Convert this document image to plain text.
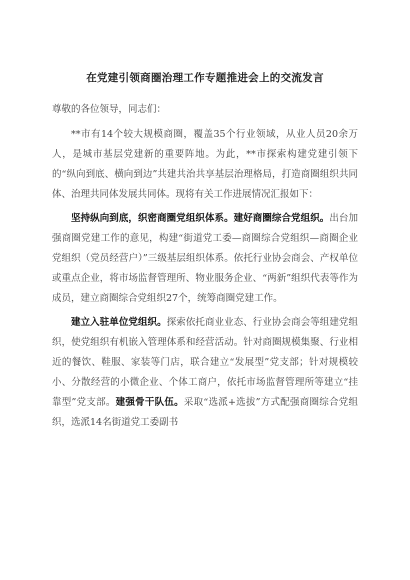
在党建引领商圈治理工作专题推进会上的交流发言
尊敬的各位领导，同志们：

**市有14个较大规模商圈，覆盖35个行业领域，从业人员20余万人，是城市基层党建新的重要阵地。为此，**市探索构建党建引领下的“纵向到底、横向到边”共建共治共享基层治理格局，打造商圈组织共同体、治理共同体发展共同体。现将有关工作进展情况汇报如下：

坚持纵向到底，织密商圈党组织体系。建好商圈综合党组织。出台加强商圈党建工作的意见，构建“街道党工委—商圈综合党组织—商圈企业党组织（党员经营户）”三级基层组织体系。依托行业协会商会、产权单位或重点企业，将市场监督管理所、物业服务企业、“两新”组织代表等作为成员，建立商圈综合党组织27个，统筹商圈党建工作。

建立入驻单位党组织。探索依托商业业态、行业协会商会等组建党组织，使党组织有机嵌入管理体系和经营活动。针对商圈规模集聚、行业相近的餐饮、鞋服、家装等门店，联合建立“发展型”党支部；针对规模较小、分散经营的小微企业、个体工商户，依托市场监督管理所等建立“挂靠型”党支部。建强骨干队伍。采取“选派+选拔”方式配强商圈综合党组织，选派14名街道党工委副书
